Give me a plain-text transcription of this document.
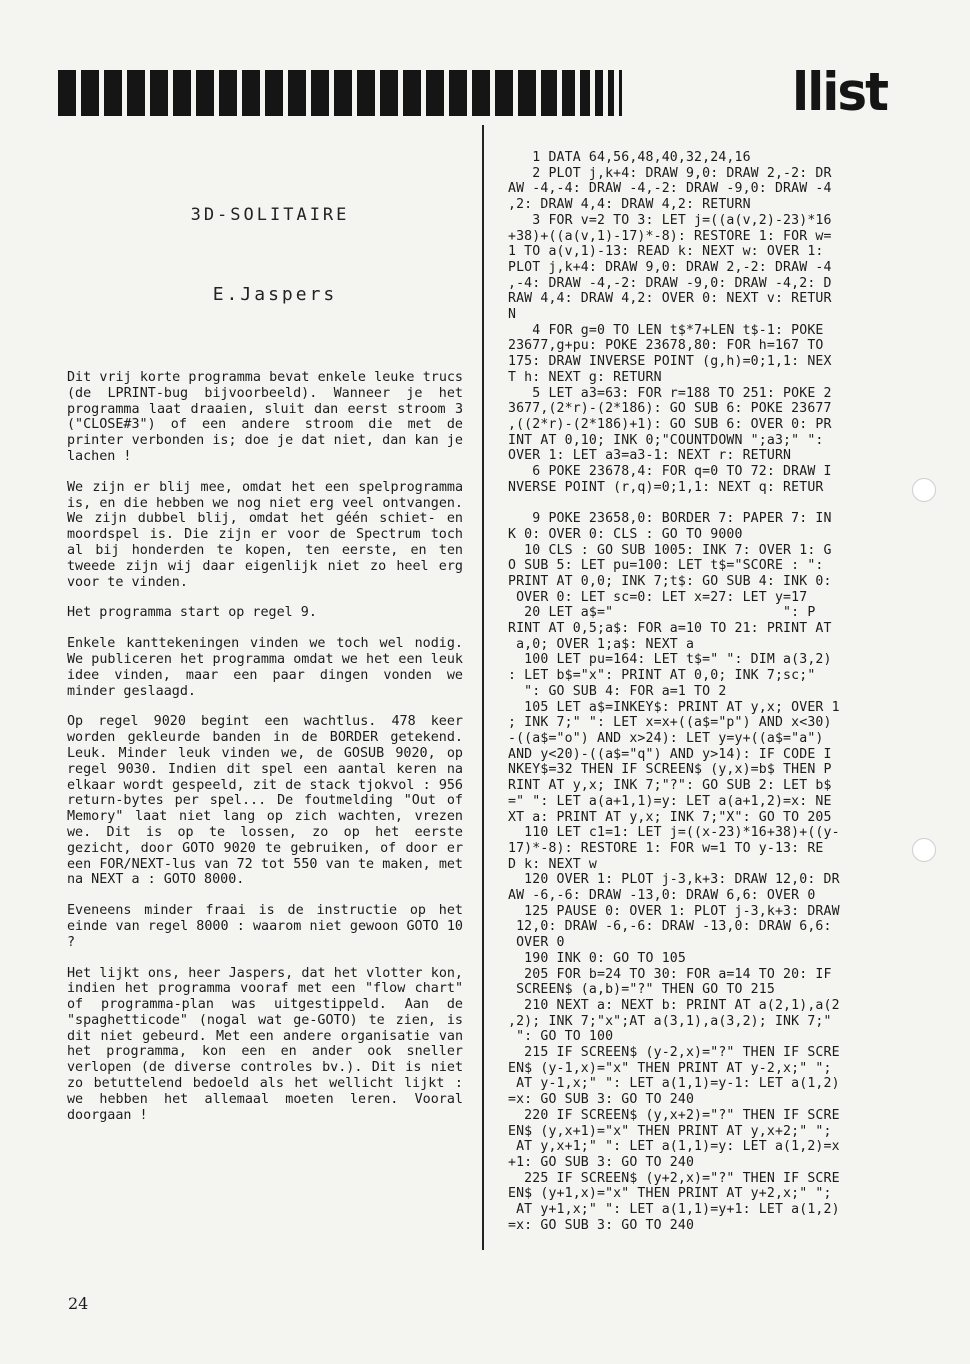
llist
3D-SOLITAIRE
E.Jaspers

Dit vrij korte programma bevat enkele leuke trucs (de LPRINT-bug bijvoorbeeld). Wanneer je het programma laat draaien, sluit dan eerst stroom 3 ("CLOSE#3") of een andere stroom die met de printer verbonden is; doe je dat niet, dan kan je lachen !

We zijn er blij mee, omdat het een spelprogramma is, en die hebben we nog niet erg veel ontvangen. We zijn dubbel blij, omdat het géén schiet- en moordspel is. Die zijn er voor de Spectrum toch al bij honderden te kopen, ten eerste, en ten tweede zijn wij daar eigenlijk niet zo heel erg voor te vinden.

Het programma start op regel 9.

Enkele kanttekeningen vinden we toch wel nodig. We publiceren het programma omdat we het een leuk idee vinden, maar een paar dingen vonden we minder geslaagd.

Op regel 9020 begint een wachtlus. 478 keer worden gekleurde banden in de BORDER getekend. Leuk. Minder leuk vinden we, de GOSUB 9020, op regel 9030. Indien dit spel een aantal keren na elkaar wordt gespeeld, zit de stack tjokvol : 956 return-bytes per spel... De foutmelding "Out of Memory" laat niet lang op zich wachten, vrezen we. Dit is op te lossen, zo op het eerste gezicht, door GOTO 9020 te gebruiken, of door er een FOR/NEXT-lus van 72 tot 550 van te maken, met na NEXT a : GOTO 8000.

Eveneens minder fraai is de instructie op het einde van regel 8000 : waarom niet gewoon GOTO 10 ?

Het lijkt ons, heer Jaspers, dat het vlotter kon, indien het programma vooraf met een "flow chart" of programma-plan was uitgestippeld. Aan de "spaghetticode" (nogal wat ge-GOTO) te zien, is dit niet gebeurd. Met een andere organisatie van het programma, kon een en ander ook sneller verlopen (de diverse controles bv.). Dit is niet zo betuttelend bedoeld als het wellicht lijkt : we hebben het allemaal moeten leren. Vooral doorgaan !

1 DATA 64,56,48,40,32,24,16
2 PLOT j,k+4: DRAW 9,0: DRAW 2,-2: DR
AW -4,-4: DRAW -4,-2: DRAW -9,0: DRAW -4
,2: DRAW 4,4: DRAW 4,2: RETURN
3 FOR v=2 TO 3: LET j=((a(v,2)-23)*16
+38)+((a(v,1)-17)*-8): RESTORE 1: FOR w=
1 TO a(v,1)-13: READ k: NEXT w: OVER 1:
PLOT j,k+4: DRAW 9,0: DRAW 2,-2: DRAW -4
,-4: DRAW -4,-2: DRAW -9,0: DRAW -4,2: D
RAW 4,4: DRAW 4,2: OVER 0: NEXT v: RETUR
N
4 FOR g=0 TO LEN t$*7+LEN t$-1: POKE
23677,g+pu: POKE 23678,80: FOR h=167 TO
175: DRAW INVERSE POINT (g,h)=0;1,1: NEX
T h: NEXT g: RETURN
5 LET a3=63: FOR r=188 TO 251: POKE 2
3677,(2*r)-(2*186): GO SUB 6: POKE 23677
,((2*r)-(2*186)+1): GO SUB 6: OVER 0: PR
INT AT 0,10; INK 0;"COUNTDOWN ";a3;" ":
OVER 1: LET a3=a3-1: NEXT r: RETURN
6 POKE 23678,4: FOR q=0 TO 72: DRAW I
NVERSE POINT (r,q)=0;1,1: NEXT q: RETUR
9 POKE 23658,0: BORDER 7: PAPER 7: IN
K 0: OVER 0: CLS : GO TO 9000
10 CLS : GO SUB 1005: INK 7: OVER 1: G
O SUB 5: LET pu=100: LET t$="SCORE : ":
PRINT AT 0,0; INK 7;t$: GO SUB 4: INK 0:
OVER 0: LET sc=0: LET x=27: LET y=17
20 LET a$="                     ": P
RINT AT 0,5;a$: FOR a=10 TO 21: PRINT AT
a,0; OVER 1;a$: NEXT a
100 LET pu=164: LET t$=" ": DIM a(3,2)
: LET b$="x": PRINT AT 0,0; INK 7;sc;"
": GO SUB 4: FOR a=1 TO 2
105 LET a$=INKEY$: PRINT AT y,x; OVER 1
; INK 7;" ": LET x=x+((a$="p") AND x<30)
-((a$="o") AND x>24): LET y=y+((a$="a")
AND y<20)-((a$="q") AND y>14): IF CODE I
NKEY$=32 THEN IF SCREEN$ (y,x)=b$ THEN P
RINT AT y,x; INK 7;"?": GO SUB 2: LET b$
=" ": LET a(a+1,1)=y: LET a(a+1,2)=x: NE
XT a: PRINT AT y,x; INK 7;"X": GO TO 205
110 LET c1=1: LET j=((x-23)*16+38)+((y-
17)*-8): RESTORE 1: FOR w=1 TO y-13: RE
D k: NEXT w
120 OVER 1: PLOT j-3,k+3: DRAW 12,0: DR
AW -6,-6: DRAW -13,0: DRAW 6,6: OVER 0
125 PAUSE 0: OVER 1: PLOT j-3,k+3: DRAW
12,0: DRAW -6,-6: DRAW -13,0: DRAW 6,6:
OVER 0
190 INK 0: GO TO 105
205 FOR b=24 TO 30: FOR a=14 TO 20: IF
SCREEN$ (a,b)="?" THEN GO TO 215
210 NEXT a: NEXT b: PRINT AT a(2,1),a(2
,2); INK 7;"x";AT a(3,1),a(3,2); INK 7;"
": GO TO 100
215 IF SCREEN$ (y-2,x)="?" THEN IF SCRE
EN$ (y-1,x)="x" THEN PRINT AT y-2,x;" ";
AT y-1,x;" ": LET a(1,1)=y-1: LET a(1,2)
=x: GO SUB 3: GO TO 240
220 IF SCREEN$ (y,x+2)="?" THEN IF SCRE
EN$ (y,x+1)="x" THEN PRINT AT y,x+2;" ";
AT y,x+1;" ": LET a(1,1)=y: LET a(1,2)=x
+1: GO SUB 3: GO TO 240
225 IF SCREEN$ (y+2,x)="?" THEN IF SCRE
EN$ (y+1,x)="x" THEN PRINT AT y+2,x;" ";
AT y+1,x;" ": LET a(1,1)=y+1: LET a(1,2)
=x: GO SUB 3: GO TO 240
24
